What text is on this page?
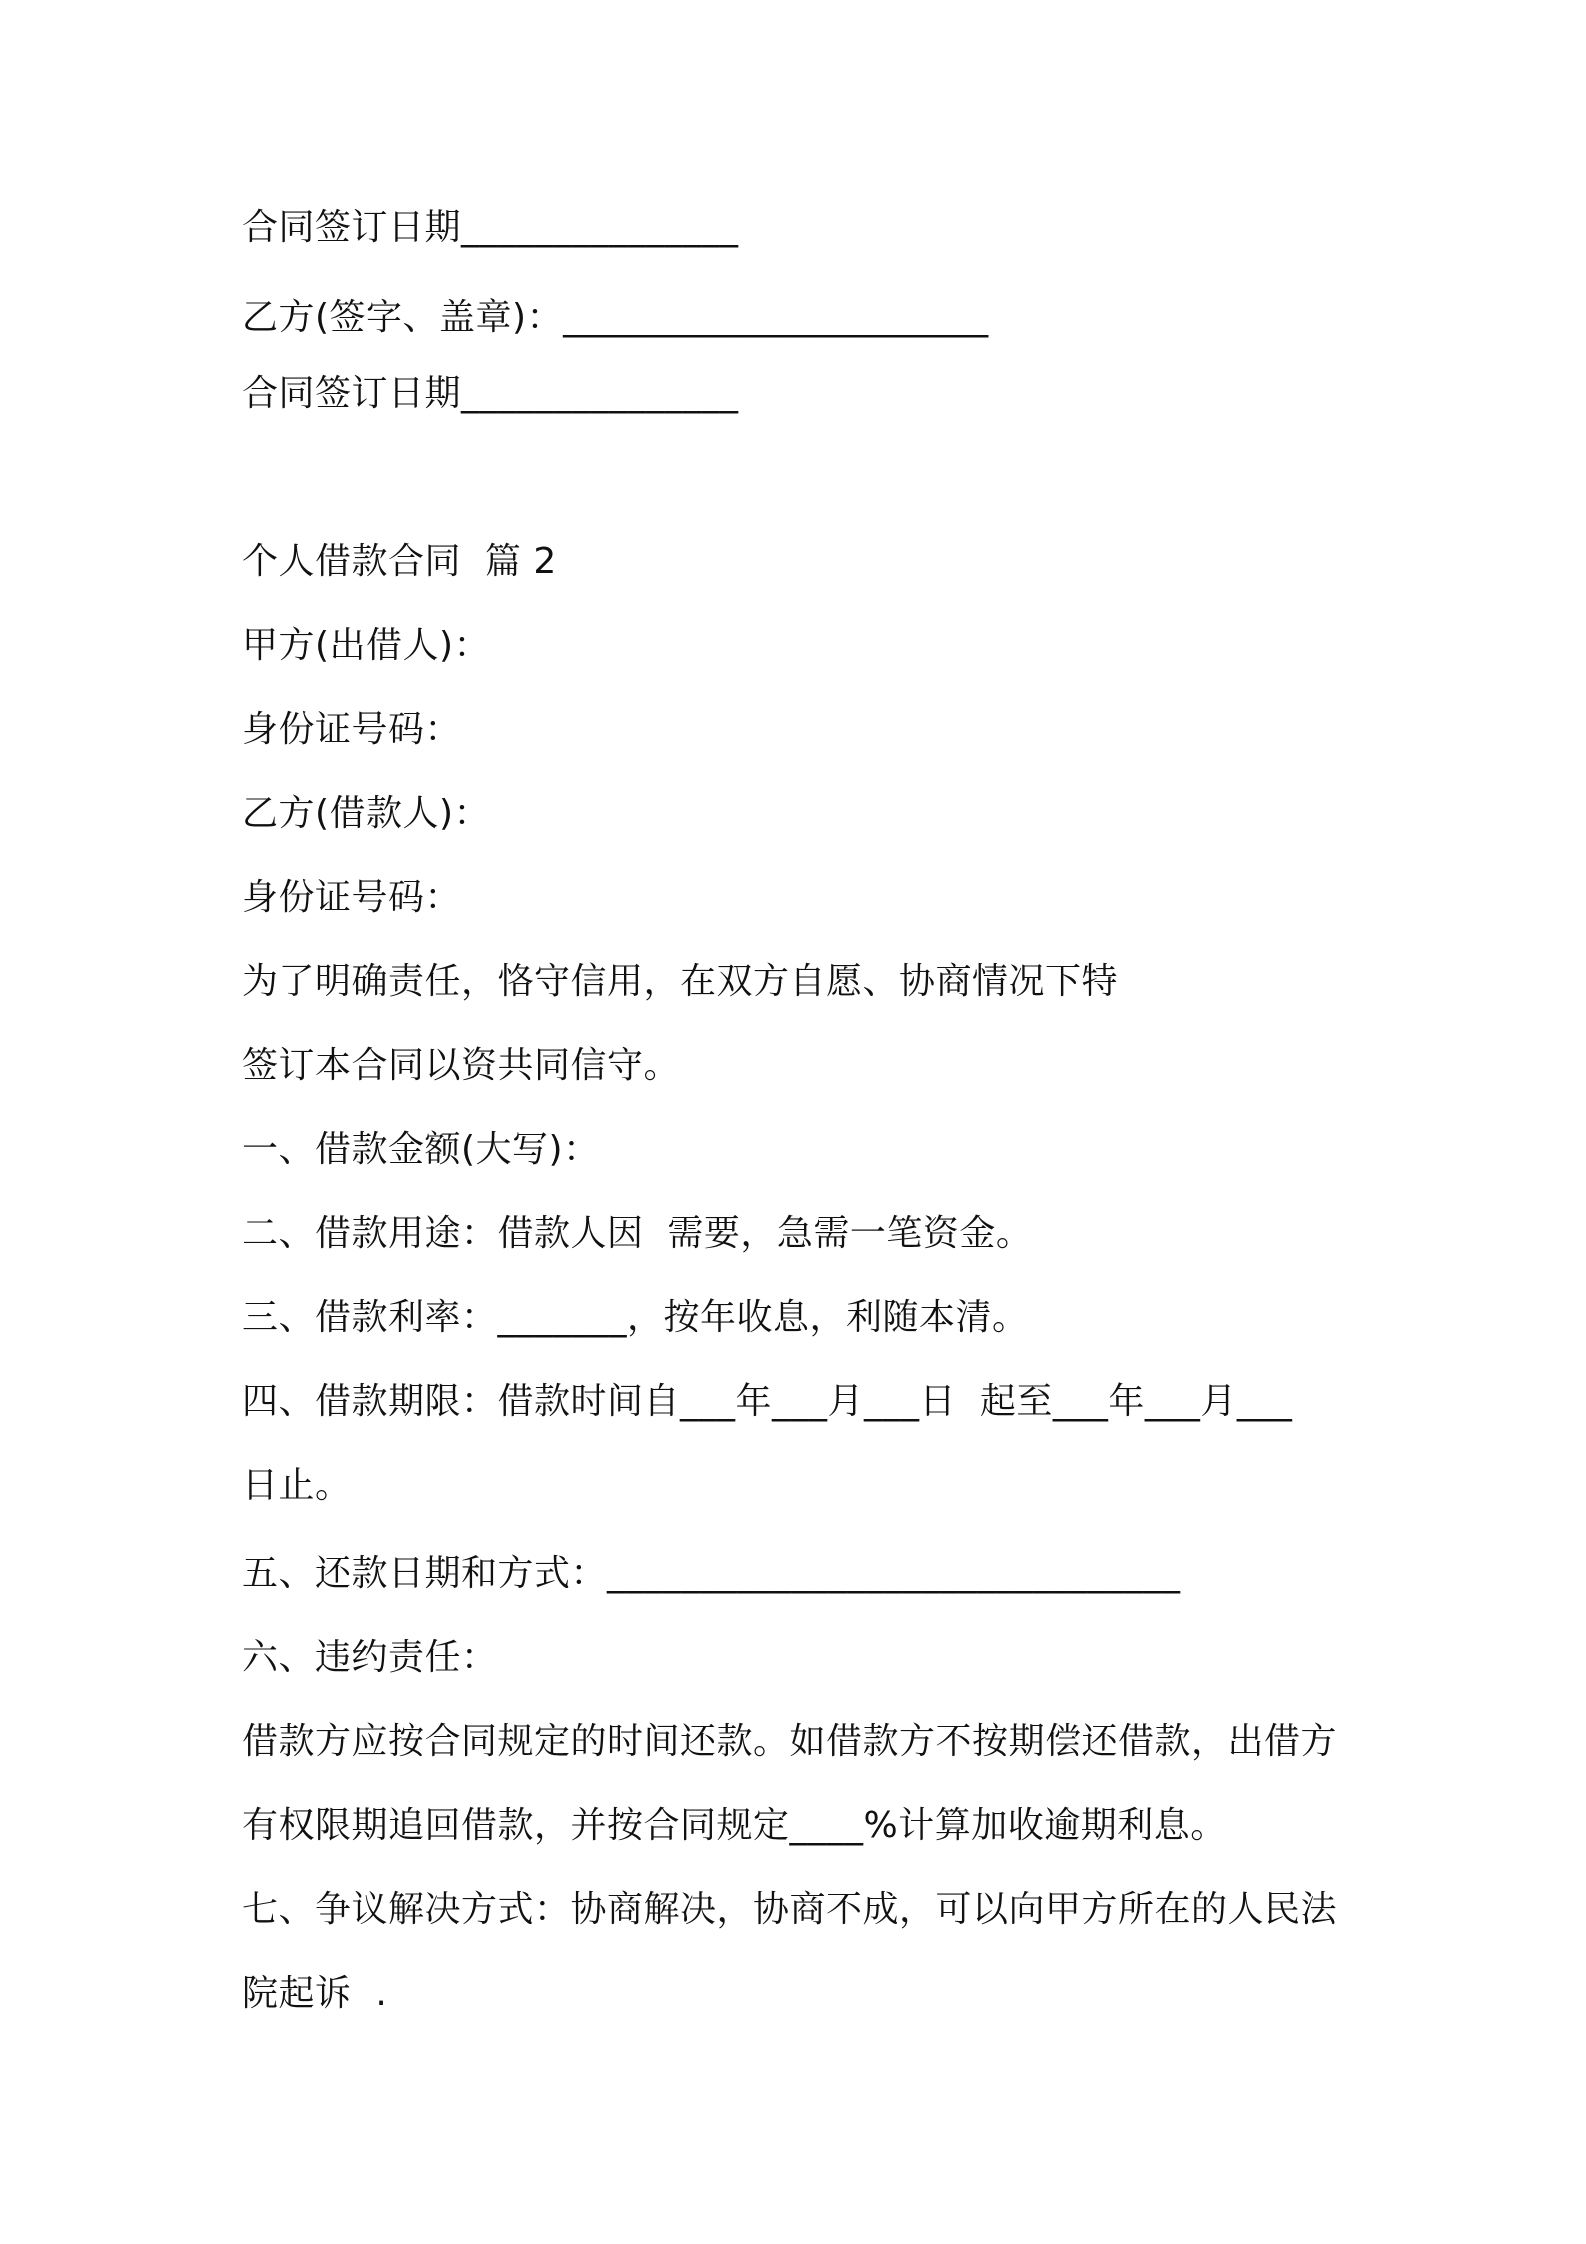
合同签订日期_______________
乙方(签字、盖章)：_______________________
合同签订日期_______________
个人借款合同  篇 2
甲方(出借人)：
身份证号码：
乙方(借款人)：
身份证号码：
为了明确责任，恪守信用，在双方自愿、协商情况下特
签订本合同以资共同信守。
一、借款金额(大写)：
二、借款用途：借款人因  需要，急需一笔资金。
三、借款利率：_______，按年收息，利随本清。
四、借款期限：借款时间自___年___月___日  起至___年___月___
日止。
五、还款日期和方式：_______________________________
六、违约责任：
借款方应按合同规定的时间还款。如借款方不按期偿还借款，出借方
有权限期追回借款，并按合同规定____%计算加收逾期利息。
七、争议解决方式：协商解决，协商不成，可以向甲方所在的人民法
院起诉  .
